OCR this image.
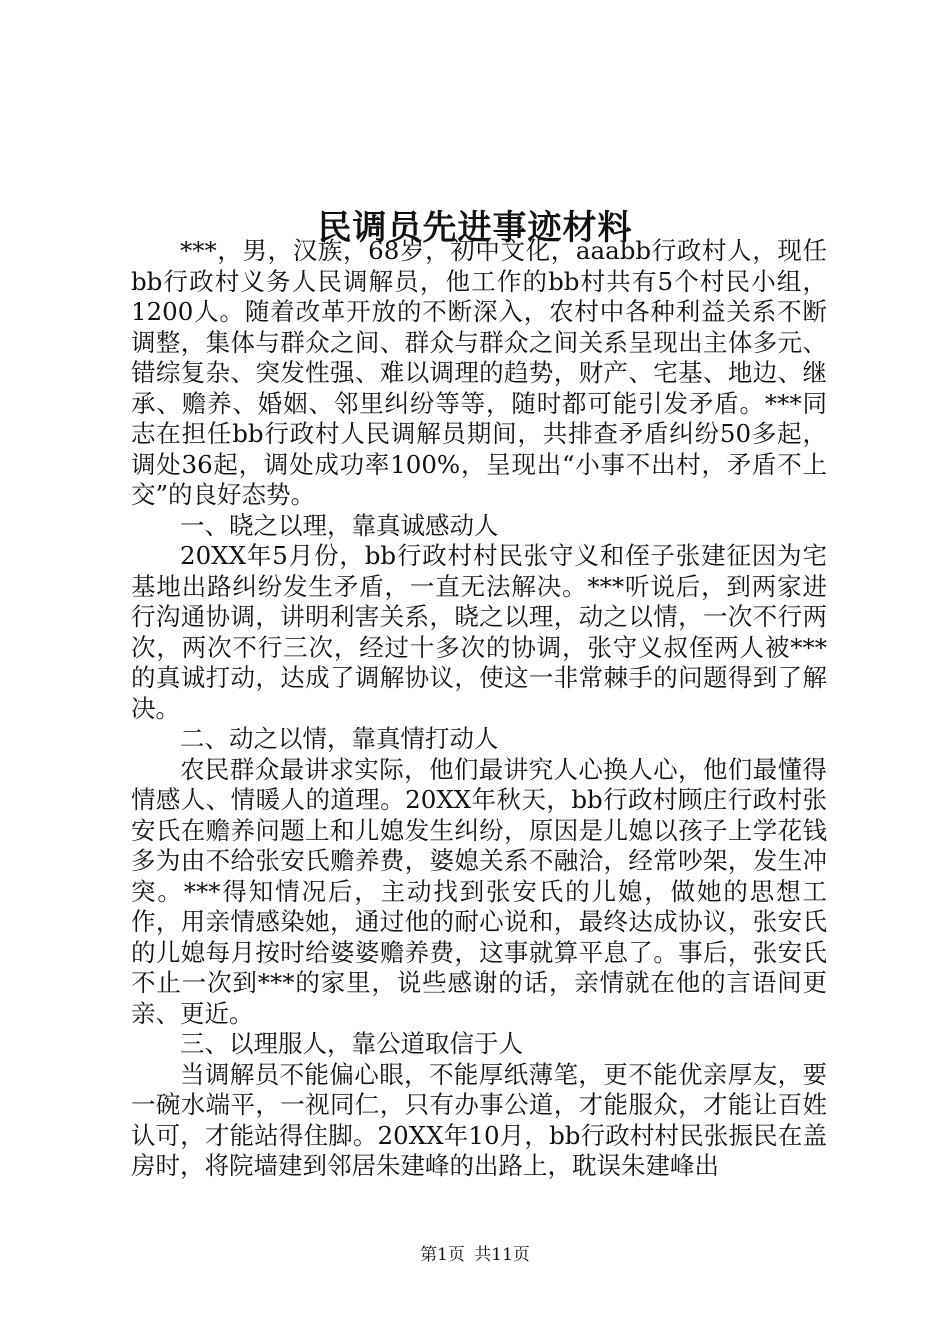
民调员先进事迹材料

***，男，汉族，68岁，初中文化，aaabb行政村人，现任bb行政村义务人民调解员，他工作的bb村共有5个村民小组，1200人。随着改革开放的不断深入，农村中各种利益关系不断调整，集体与群众之间、群众与群众之间关系呈现出主体多元、错综复杂、突发性强、难以调理的趋势，财产、宅基、地边、继承、赡养、婚姻、邻里纠纷等等，随时都可能引发矛盾。***同志在担任bb行政村人民调解员期间，共排查矛盾纠纷50多起，调处36起，调处成功率100%，呈现出“小事不出村，矛盾不上交”的良好态势。

一、晓之以理，靠真诚感动人

20XX年5月份，bb行政村村民张守义和侄子张建征因为宅基地出路纠纷发生矛盾，一直无法解决。***听说后，到两家进行沟通协调，讲明利害关系，晓之以理，动之以情，一次不行两次，两次不行三次，经过十多次的协调，张守义叔侄两人被***的真诚打动，达成了调解协议，使这一非常棘手的问题得到了解决。

二、动之以情，靠真情打动人

农民群众最讲求实际，他们最讲究人心换人心，他们最懂得情感人、情暖人的道理。20XX年秋天，bb行政村顾庄行政村张安氏在赡养问题上和儿媳发生纠纷，原因是儿媳以孩子上学花钱多为由不给张安氏赡养费，婆媳关系不融洽，经常吵架，发生冲突。***得知情况后，主动找到张安氏的儿媳，做她的思想工作，用亲情感染她，通过他的耐心说和，最终达成协议，张安氏的儿媳每月按时给婆婆赡养费，这事就算平息了。事后，张安氏不止一次到***的家里，说些感谢的话，亲情就在他的言语间更亲、更近。

三、以理服人，靠公道取信于人

当调解员不能偏心眼，不能厚纸薄笔，更不能优亲厚友，要一碗水端平，一视同仁，只有办事公道，才能服众，才能让百姓认可，才能站得住脚。20XX年10月，bb行政村村民张振民在盖房时，将院墙建到邻居朱建峰的出路上，耽误朱建峰出

第1页 共11页
